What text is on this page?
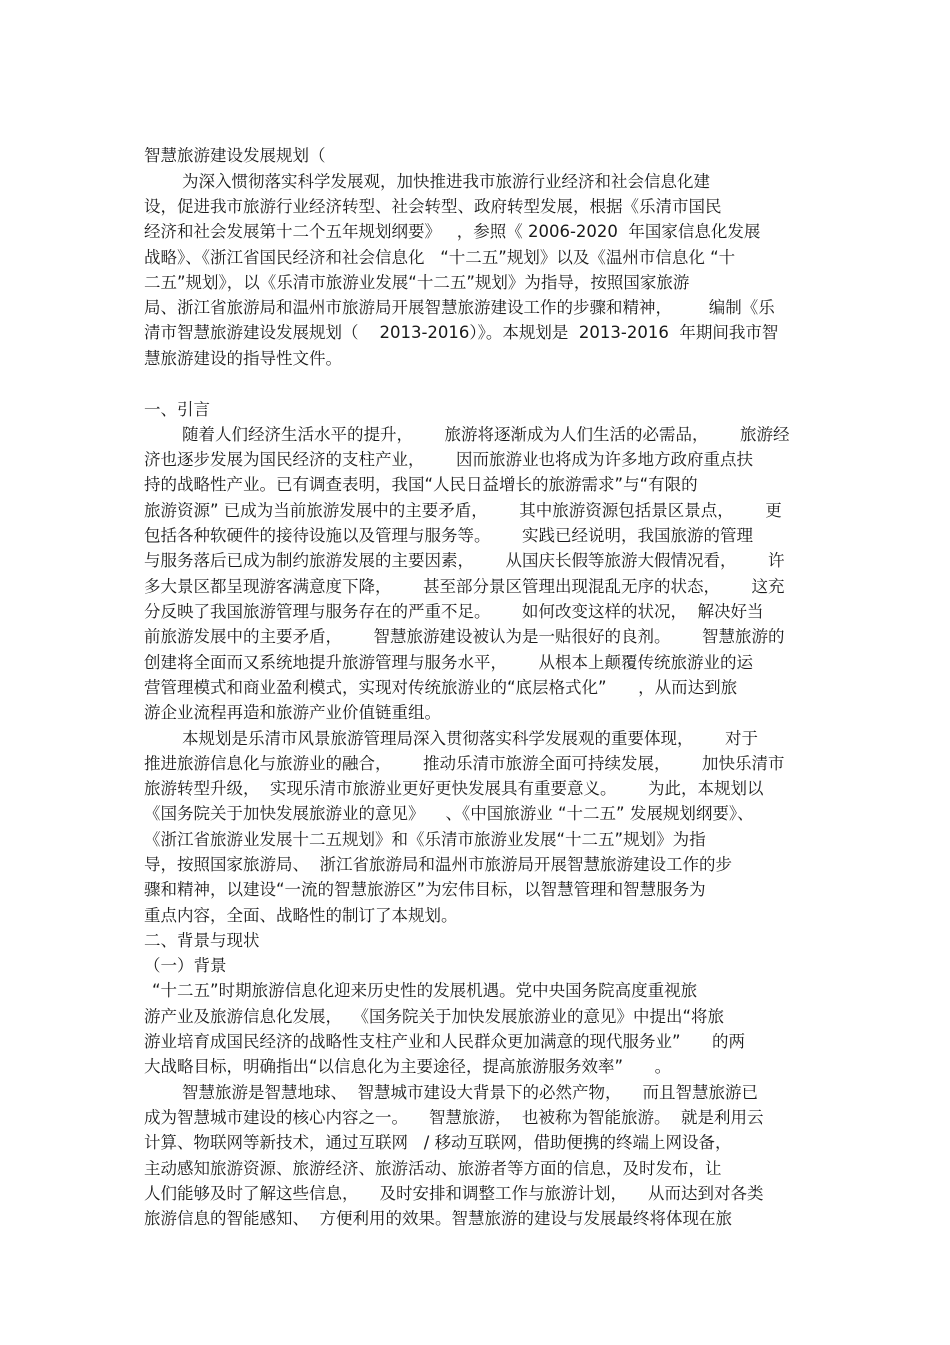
智慧旅游建设发展规划（
为深入惯彻落实科学发展观，加快推进我市旅游行业经济和社会信息化建
设，促进我市旅游行业经济转型、社会转型、政府转型发展，根据《乐清市国民
经济和社会发展第十二个五年规划纲要》   ，参照《 2006-2020  年国家信息化发展
战略》、《浙江省国民经济和社会信息化   “十二五”规划》以及《温州市信息化 “十
二五”规划》，以《乐清市旅游业发展“十二五”规划》为指导，按照国家旅游
局、浙江省旅游局和温州市旅游局开展智慧旅游建设工作的步骤和精神，       编制《乐
清市智慧旅游建设发展规划（    2013-2016）》。本规划是  2013-2016  年期间我市智
慧旅游建设的指导性文件。
一、引言
随着人们经济生活水平的提升，      旅游将逐渐成为人们生活的必需品，      旅游经
济也逐步发展为国民经济的支柱产业，      因而旅游业也将成为许多地方政府重点扶
持的战略性产业。已有调查表明，我国“人民日益增长的旅游需求”与“有限的
旅游资源” 已成为当前旅游发展中的主要矛盾，      其中旅游资源包括景区景点，      更
包括各种软硬件的接待设施以及管理与服务等。      实践已经说明，我国旅游的管理
与服务落后已成为制约旅游发展的主要因素，      从国庆长假等旅游大假情况看，      许
多大景区都呈现游客满意度下降，      甚至部分景区管理出现混乱无序的状态，      这充
分反映了我国旅游管理与服务存在的严重不足。      如何改变这样的状况，  解决好当
前旅游发展中的主要矛盾，      智慧旅游建设被认为是一贴很好的良剂。      智慧旅游的
创建将全面而又系统地提升旅游管理与服务水平，      从根本上颠覆传统旅游业的运
营管理模式和商业盈利模式，实现对传统旅游业的“底层格式化”      ，从而达到旅
游企业流程再造和旅游产业价值链重组。
本规划是乐清市风景旅游管理局深入贯彻落实科学发展观的重要体现，      对于
推进旅游信息化与旅游业的融合，      推动乐清市旅游全面可持续发展，      加快乐清市
旅游转型升级，  实现乐清市旅游业更好更快发展具有重要意义。      为此，本规划以
《国务院关于加快发展旅游业的意见》    、《中国旅游业 “十二五” 发展规划纲要》、
《浙江省旅游业发展十二五规划》和《乐清市旅游业发展“十二五”规划》为指
导，按照国家旅游局、  浙江省旅游局和温州市旅游局开展智慧旅游建设工作的步
骤和精神，以建设“一流的智慧旅游区”为宏伟目标，以智慧管理和智慧服务为
重点内容，全面、战略性的制订了本规划。
二、背景与现状
（一）背景
“十二五”时期旅游信息化迎来历史性的发展机遇。党中央国务院高度重视旅
游产业及旅游信息化发展，  《国务院关于加快发展旅游业的意见》中提出“将旅
游业培育成国民经济的战略性支柱产业和人民群众更加满意的现代服务业”      的两
大战略目标，明确指出“以信息化为主要途径，提高旅游服务效率”      。
智慧旅游是智慧地球、  智慧城市建设大背景下的必然产物，    而且智慧旅游已
成为智慧城市建设的核心内容之一。    智慧旅游，  也被称为智能旅游。  就是利用云
计算、物联网等新技术，通过互联网   / 移动互联网，借助便携的终端上网设备，
主动感知旅游资源、旅游经济、旅游活动、旅游者等方面的信息，及时发布，让
人们能够及时了解这些信息，    及时安排和调整工作与旅游计划，    从而达到对各类
旅游信息的智能感知、  方便利用的效果。智慧旅游的建设与发展最终将体现在旅
